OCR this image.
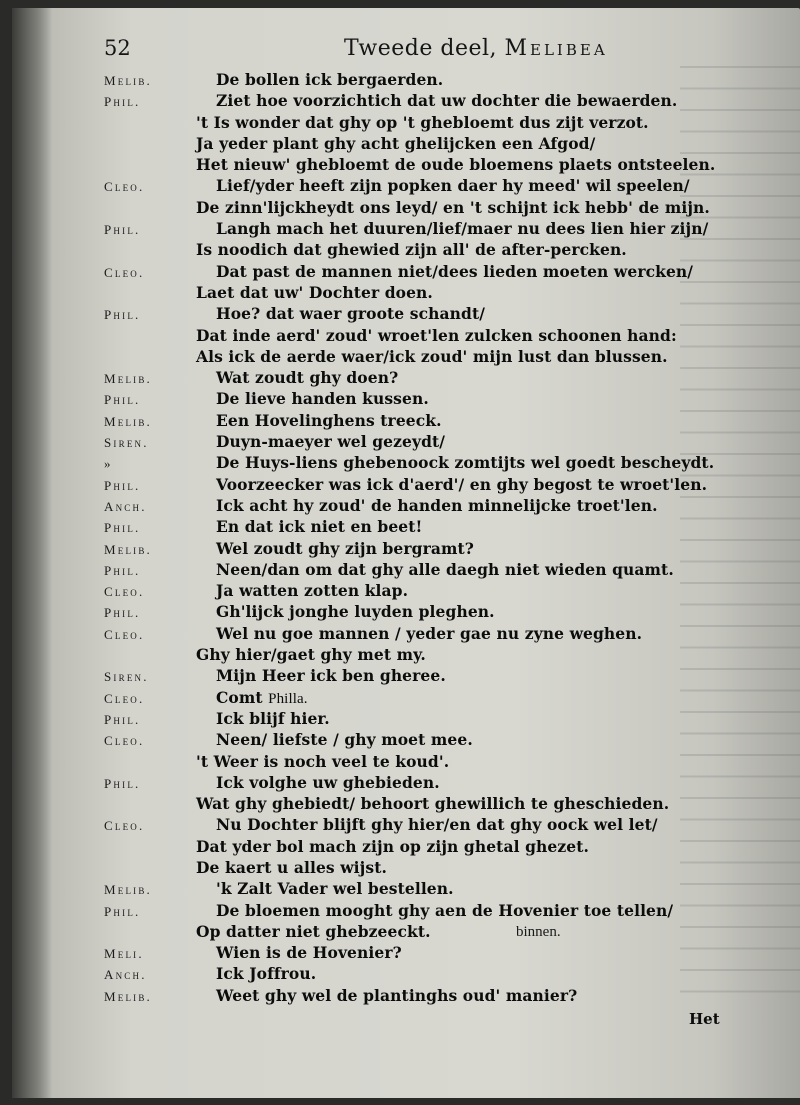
52	Tweede deel, Melibea
Melib.	De bollen ick bergaerden.
Phil.	Ziet hoe voorzichtich dat uw dochter die bewaerden.
't Is wonder dat ghy op 't ghebloemt dus zijt verzot.
Ja yeder plant ghy acht ghelijcken een Afgod/
Het nieuw' ghebloemt de oude bloemens plaets ontsteelen.
Cleo.	Lief/yder heeft zijn popken daer hy meed' wil speelen/
De zinn'lijckheydt ons leyd/ en 't schijnt ick hebb' de mijn.
Phil.	Langh mach het duuren/lief/maer nu dees lien hier zijn/
Is noodich dat ghewied zijn all' de after-percken.
Cleo.	Dat past de mannen niet/dees lieden moeten wercken/
Laet dat uw' Dochter doen.
Phil.	Hoe? dat waer groote schandt/
Dat inde aerd' zoud' wroet'len zulcken schoonen hand:
Als ick de aerde waer/ick zoud' mijn lust dan blussen.
Melib.	Wat zoudt ghy doen?
Phil.	De lieve handen kussen.
Melib.	Een Hovelinghens treeck.
Siren.	Duyn-maeyer wel gezeydt/
»	De Huys-liens ghebenoock zomtijts wel goedt bescheydt.
Phil.	Voorzeecker was ick d'aerd'/ en ghy begost te wroet'len.
Anch.	Ick acht hy zoud' de handen minnelijcke troet'len.
Phil.	En dat ick niet en beet!
Melib.	Wel zoudt ghy zijn bergramt?
Phil.	Neen/dan om dat ghy alle daegh niet wieden quamt.
Cleo.	Ja watten zotten klap.
Phil.	Gh'lijck jonghe luyden pleghen.
Cleo.	Wel nu goe mannen / yeder gae nu zyne weghen.
Ghy hier/gaet ghy met my.
Siren.	Mijn Heer ick ben gheree.
Cleo.	Comt Philla.
Phil.	Ick blijf hier.
Cleo.	Neen/ liefste / ghy moet mee.
't Weer is noch veel te koud'.
Phil.	Ick volghe uw ghebieden.
Wat ghy ghebiedt/ behoort ghewillich te gheschieden.
Cleo.	Nu Dochter blijft ghy hier/en dat ghy oock wel let/
Dat yder bol mach zijn op zijn ghetal ghezet.
De kaert u alles wijst.
Melib.	'k Zalt Vader wel bestellen.
Phil.	De bloemen mooght ghy aen de Hovenier toe tellen/
Op datter niet ghebzeeckt.	binnen.
Meli.	Wien is de Hovenier?
Anch.	Ick Joffrou.
Melib.	Weet ghy wel de plantinghs oud' manier?
Het
